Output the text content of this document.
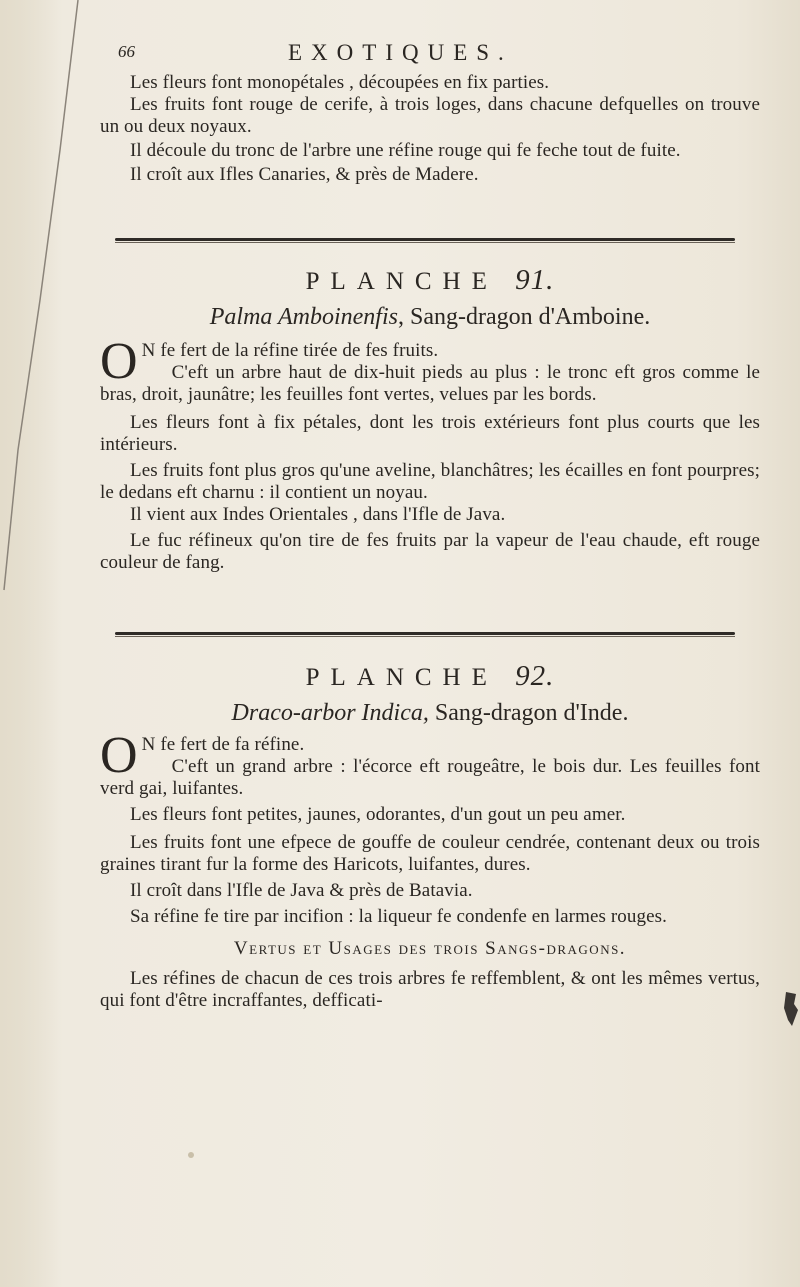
66	EXOTIQUES.

Les fleurs font monopétales , découpées en fix parties.

Les fruits font rouge de cerife, à trois loges, dans chacune defquelles on trouve un ou deux noyaux.

Il découle du tronc de l'arbre une réfine rouge qui fe feche tout de fuite.

Il croît aux Ifles Canaries, & près de Madere.

PLANCHE 91.
Palma Amboinenfis, Sang-dragon d'Amboine.
O N fe fert de la réfine tirée de fes fruits.

C'eft un arbre haut de dix-huit pieds au plus : le tronc eft gros comme le bras, droit, jaunâtre; les feuilles font vertes, velues par les bords.

Les fleurs font à fix pétales, dont les trois extérieurs font plus courts que les intérieurs.

Les fruits font plus gros qu'une aveline, blanchâtres; les écailles en font pourpres; le dedans eft charnu : il contient un noyau.

Il vient aux Indes Orientales , dans l'Ifle de Java.

Le fuc réfineux qu'on tire de fes fruits par la vapeur de l'eau chaude, eft rouge couleur de fang.

PLANCHE 92.
Draco-arbor Indica, Sang-dragon d'Inde.
O N fe fert de fa réfine.

C'eft un grand arbre : l'écorce eft rougeâtre, le bois dur. Les feuilles font verd gai, luifantes.

Les fleurs font petites, jaunes, odorantes, d'un gout un peu amer.

Les fruits font une efpece de gouffe de couleur cendrée, contenant deux ou trois graines tirant fur la forme des Haricots, luifantes, dures.

Il croît dans l'Ifle de Java & près de Batavia.

Sa réfine fe tire par incifion : la liqueur fe condenfe en larmes rouges.

Vertus et Usages des trois Sangs-dragons.

Les réfines de chacun de ces trois arbres fe reffemblent, & ont les mêmes vertus, qui font d'être incraffantes, defficati-
